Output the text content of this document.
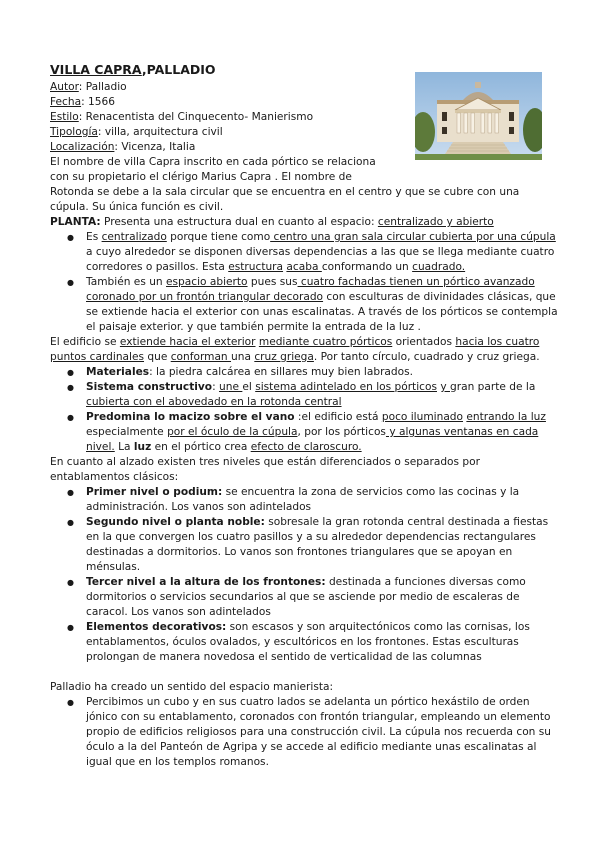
VILLA CAPRA,PALLADIO

Autor: Palladio

Fecha: 1566

Estilo: Renacentista del Cinquecento- Manierismo

Tipología: villa, arquitectura civil

Localización: Vicenza, Italia

El nombre de villa Capra inscrito en cada pórtico se relaciona
con su propietario el clérigo Marius Capra . El nombre de
Rotonda se debe a la sala circular que se encuentra en el centro y que se cubre con una cúpula. Su única función es civil.

PLANTA: Presenta una estructura dual en cuanto al espacio: centralizado y abierto

● Es centralizado porque tiene como centro una gran sala circular cubierta por una cúpula a cuyo alrededor se disponen diversas dependencias a las que se llega mediante cuatro corredores o pasillos. Esta estructura acaba conformando un cuadrado.
● También es un espacio abierto pues sus cuatro fachadas tienen un pórtico avanzado coronado por un frontón triangular decorado con esculturas de divinidades clásicas, que se extiende hacia el exterior con unas escalinatas. A través de los pórticos se contempla el paisaje exterior. y que también permite la entrada de la luz .

El edificio se extiende hacia el exterior mediante cuatro pórticos orientados hacia los cuatro puntos cardinales que conforman una cruz griega. Por tanto círculo, cuadrado y cruz griega.

● Materiales: la piedra calcárea en sillares muy bien labrados.
● Sistema constructivo: une el sistema adintelado en los pórticos y gran parte de la cubierta con el abovedado en la rotonda central
● Predomina lo macizo sobre el vano :el edificio está poco iluminado entrando la luz especialmente por el óculo de la cúpula, por los pórticos y algunas ventanas en cada nivel. La luz en el pórtico crea efecto de claroscuro.

En cuanto al alzado existen tres niveles que están diferenciados o separados por entablamentos clásicos:

● Primer nivel o podium: se encuentra la zona de servicios como las cocinas y la administración. Los vanos son adintelados
● Segundo nivel o planta noble: sobresale la gran rotonda central destinada a fiestas en la que convergen los cuatro pasillos y a su alrededor dependencias rectangulares destinadas a dormitorios. Lo vanos son frontones triangulares que se apoyan en ménsulas.
● Tercer nivel a la altura de los frontones: destinada a funciones diversas como dormitorios o servicios secundarios al que se asciende por medio de escaleras de caracol. Los vanos son adintelados
● Elementos decorativos: son escasos y son arquitectónicos como las cornisas, los entablamentos, óculos ovalados, y escultóricos en los frontones. Estas esculturas prolongan de manera novedosa el sentido de verticalidad de las columnas

Palladio ha creado un sentido del espacio manierista:

● Percibimos un cubo y en sus cuatro lados se adelanta un pórtico hexástilo de orden jónico con su entablamento, coronados con frontón triangular, empleando un elemento propio de edificios religiosos para una construcción civil. La cúpula nos recuerda con su óculo a la del Panteón de Agripa y se accede al edificio mediante unas escalinatas al igual que en los templos romanos.
